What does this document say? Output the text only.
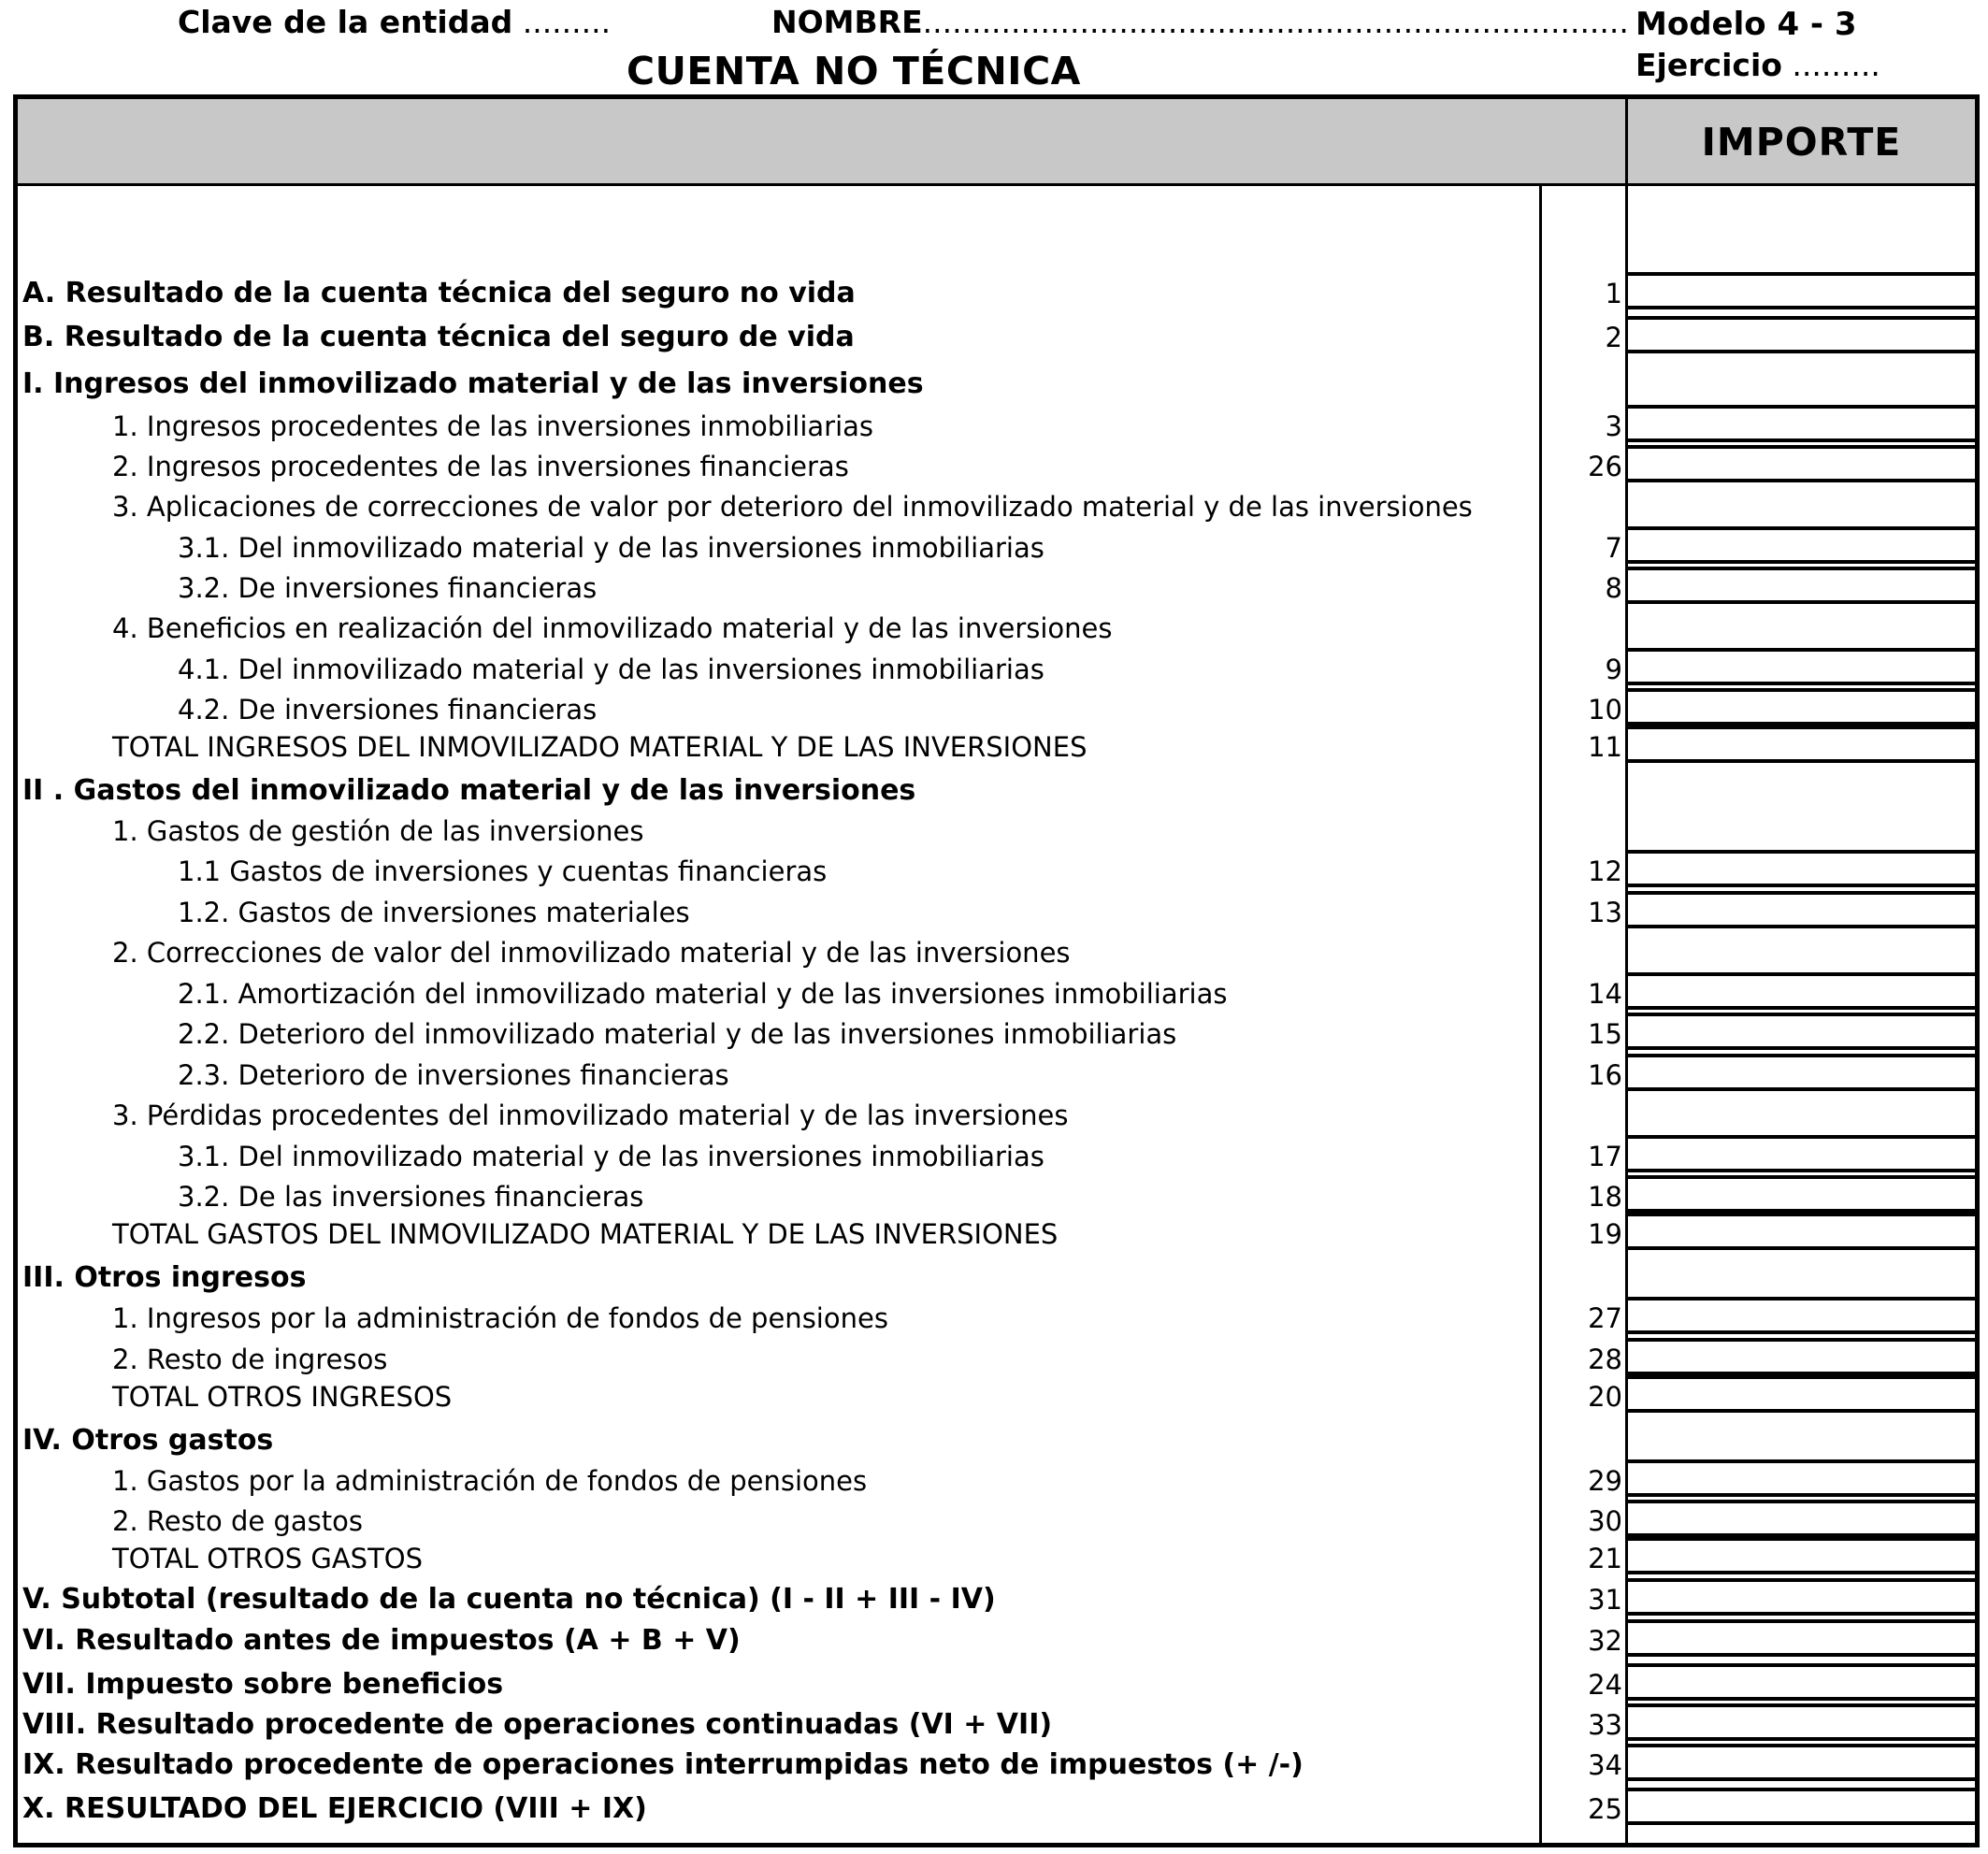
Clave de la entidad .........	NOMBRE........................................................................ Modelo 4 - 3
Ejercicio .........
CUENTA NO TÉCNICA
IMPORTE
A. Resultado de la cuenta técnica del seguro no vida	1
B. Resultado de la cuenta técnica del seguro de vida	2
I. Ingresos del inmovilizado material y de las inversiones
1. Ingresos procedentes de las inversiones inmobiliarias	3
2. Ingresos procedentes de las inversiones financieras	26
3. Aplicaciones de correcciones de valor por deterioro del inmovilizado material y de las inversiones
3.1. Del inmovilizado material y de las inversiones inmobiliarias	7
3.2. De inversiones financieras	8
4. Beneficios en realización del inmovilizado material y de las inversiones
4.1. Del inmovilizado material y de las inversiones inmobiliarias	9
4.2. De inversiones financieras	10
TOTAL INGRESOS DEL INMOVILIZADO MATERIAL Y DE LAS INVERSIONES	11
II . Gastos del inmovilizado material y de las inversiones
1. Gastos de gestión de las inversiones
1.1 Gastos de inversiones y cuentas financieras	12
1.2. Gastos de inversiones materiales	13
2. Correcciones de valor del inmovilizado material y de las inversiones
2.1. Amortización del inmovilizado material y de las inversiones inmobiliarias	14
2.2. Deterioro del inmovilizado material y de las inversiones inmobiliarias	15
2.3. Deterioro de inversiones financieras	16
3. Pérdidas procedentes del inmovilizado material y de las inversiones
3.1. Del inmovilizado material y de las inversiones inmobiliarias	17
3.2. De las inversiones financieras	18
TOTAL GASTOS DEL INMOVILIZADO MATERIAL Y DE LAS INVERSIONES	19
III. Otros ingresos
1. Ingresos por la administración de fondos de pensiones	27
2. Resto de ingresos	28
TOTAL OTROS INGRESOS	20
IV. Otros gastos
1. Gastos por la administración de fondos de pensiones	29
2. Resto de gastos	30
TOTAL OTROS GASTOS	21
V. Subtotal (resultado de la cuenta no técnica) (I - II + III - IV)	31
VI. Resultado antes de impuestos (A + B + V)	32
VII. Impuesto sobre beneficios	24
VIII. Resultado procedente de operaciones continuadas (VI + VII)	33
IX. Resultado procedente de operaciones interrumpidas neto de impuestos (+ /-)	34
X. RESULTADO DEL EJERCICIO (VIII + IX)	25
